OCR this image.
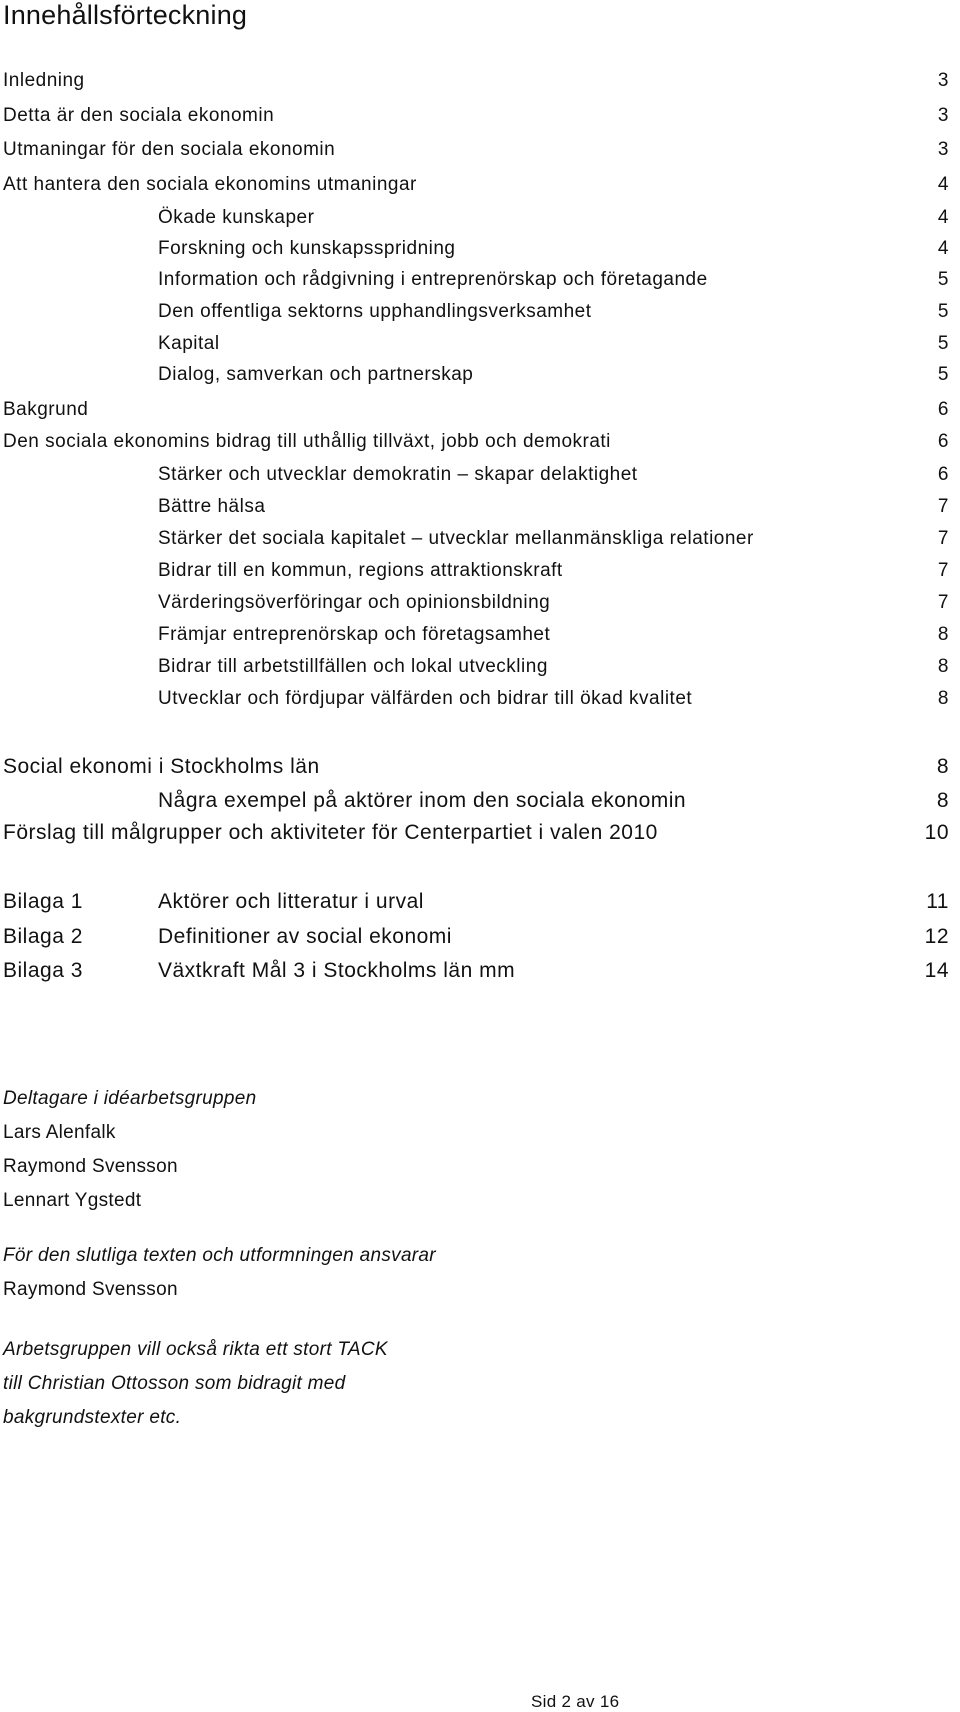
Innehållsförteckning
Inledning	3
Detta är den sociala ekonomin	3
Utmaningar för den sociala ekonomin	3
Att hantera den sociala ekonomins utmaningar	4
Ökade kunskaper	4
Forskning och kunskapsspridning	4
Information och rådgivning i entreprenörskap och företagande	5
Den offentliga sektorns upphandlingsverksamhet	5
Kapital	5
Dialog, samverkan och partnerskap	5
Bakgrund	6
Den sociala ekonomins bidrag till uthållig tillväxt, jobb och demokrati	6
Stärker och utvecklar demokratin – skapar delaktighet	6
Bättre hälsa	7
Stärker det sociala kapitalet – utvecklar mellanmänskliga relationer	7
Bidrar till en kommun, regions attraktionskraft	7
Värderingsöverföringar och opinionsbildning	7
Främjar entreprenörskap och företagsamhet	8
Bidrar till arbetstillfällen och lokal utveckling	8
Utvecklar och fördjupar välfärden och bidrar till ökad kvalitet	8
Social ekonomi i Stockholms län	8
Några exempel på aktörer inom den sociala ekonomin	8
Förslag till målgrupper och aktiviteter för Centerpartiet i valen 2010	10
Bilaga 1	Aktörer och litteratur i urval	11
Bilaga 2	Definitioner av social ekonomi	12
Bilaga 3	Växtkraft Mål 3 i Stockholms län mm	14
Deltagare i idéarbetsgruppen
Lars Alenfalk
Raymond Svensson
Lennart Ygstedt
För den slutliga texten och utformningen ansvarar
Raymond Svensson
Arbetsgruppen vill också rikta ett stort TACK
till Christian Ottosson som bidragit med
bakgrundstexter etc.
Sid 2 av 16
